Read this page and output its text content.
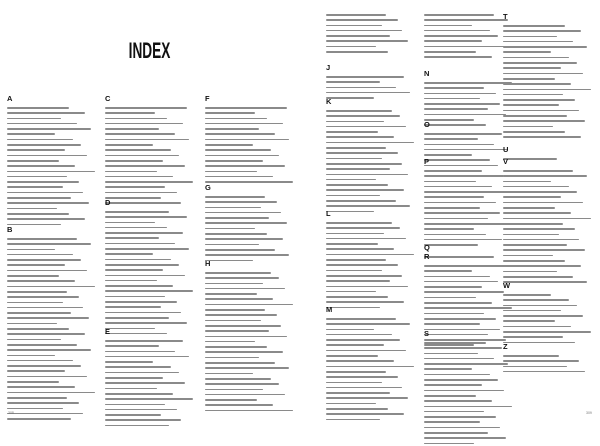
INDEX
A
B
C
D
E
F
G
H
J
K
L
M
N
O
P
Q
R
S
T
U
V
W
Z
308	309
